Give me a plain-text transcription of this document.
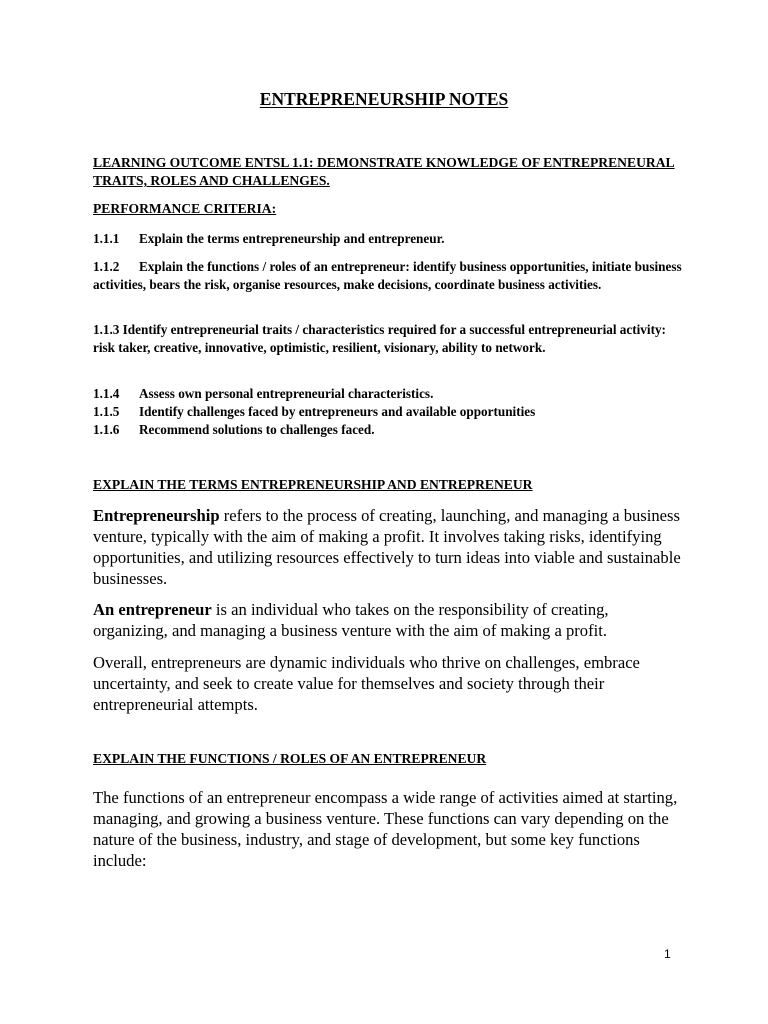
ENTREPRENEURSHIP NOTES

LEARNING OUTCOME ENTSL 1.1: DEMONSTRATE KNOWLEDGE OF ENTREPRENEURAL TRAITS, ROLES AND CHALLENGES.

PERFORMANCE CRITERIA:

1.1.1 Explain the terms entrepreneurship and entrepreneur.

1.1.2 Explain the functions / roles of an entrepreneur: identify business opportunities, initiate business activities, bears the risk, organise resources, make decisions, coordinate business activities.

1.1.3 Identify entrepreneurial traits / characteristics required for a successful entrepreneurial activity: risk taker, creative, innovative, optimistic, resilient, visionary, ability to network.

1.1.4 Assess own personal entrepreneurial characteristics.

1.1.5 Identify challenges faced by entrepreneurs and available opportunities

1.1.6 Recommend solutions to challenges faced.

EXPLAIN THE TERMS ENTREPRENEURSHIP AND ENTREPRENEUR

Entrepreneurship refers to the process of creating, launching, and managing a business venture, typically with the aim of making a profit. It involves taking risks, identifying opportunities, and utilizing resources effectively to turn ideas into viable and sustainable businesses.

An entrepreneur is an individual who takes on the responsibility of creating, organizing, and managing a business venture with the aim of making a profit.

Overall, entrepreneurs are dynamic individuals who thrive on challenges, embrace uncertainty, and seek to create value for themselves and society through their entrepreneurial attempts.

EXPLAIN THE FUNCTIONS / ROLES OF AN ENTREPRENEUR

The functions of an entrepreneur encompass a wide range of activities aimed at starting, managing, and growing a business venture. These functions can vary depending on the nature of the business, industry, and stage of development, but some key functions include:

1
